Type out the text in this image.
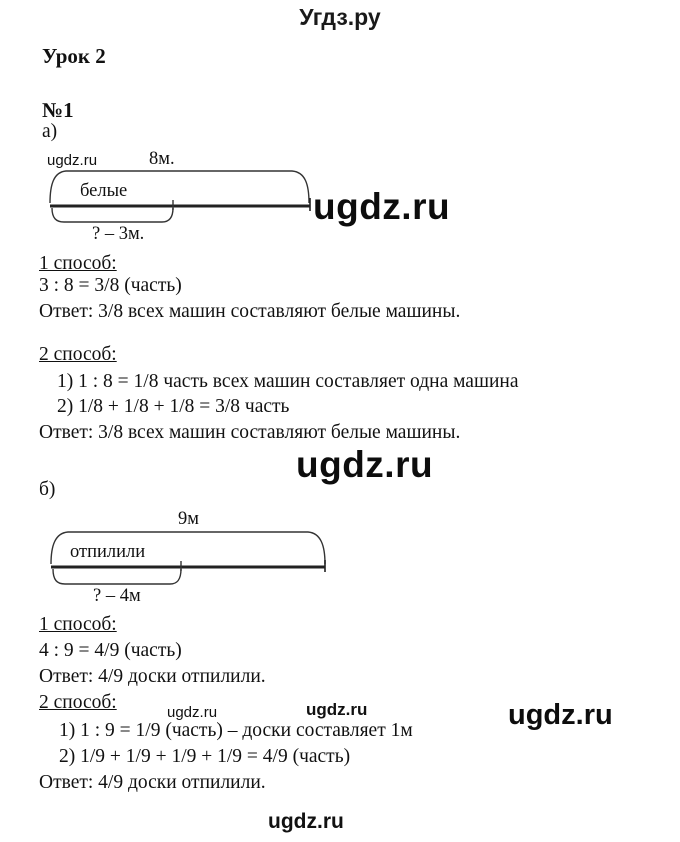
Угдз.ру
Урок 2
№1
а)
ugdz.ru	8м.
белые
? – 3м.
ugdz.ru
1 способ:
3 : 8 = 3/8 (часть)
Ответ: 3/8 всех машин составляют белые машины.
2 способ:
1) 1 : 8 = 1/8 часть всех машин составляет одна машина
2) 1/8 + 1/8 + 1/8 = 3/8 часть
Ответ: 3/8 всех машин составляют белые машины.
ugdz.ru
б)
9м
отпилили
? – 4м
1 способ:
4 : 9 = 4/9 (часть)
Ответ: 4/9 доски отпилили.
2 способ:	ugdz.ru	ugdz.ru	ugdz.ru
1) 1 : 9 = 1/9 (часть) – доски составляет 1м
2) 1/9 + 1/9 + 1/9 + 1/9 = 4/9 (часть)
Ответ: 4/9 доски отпилили.
ugdz.ru
